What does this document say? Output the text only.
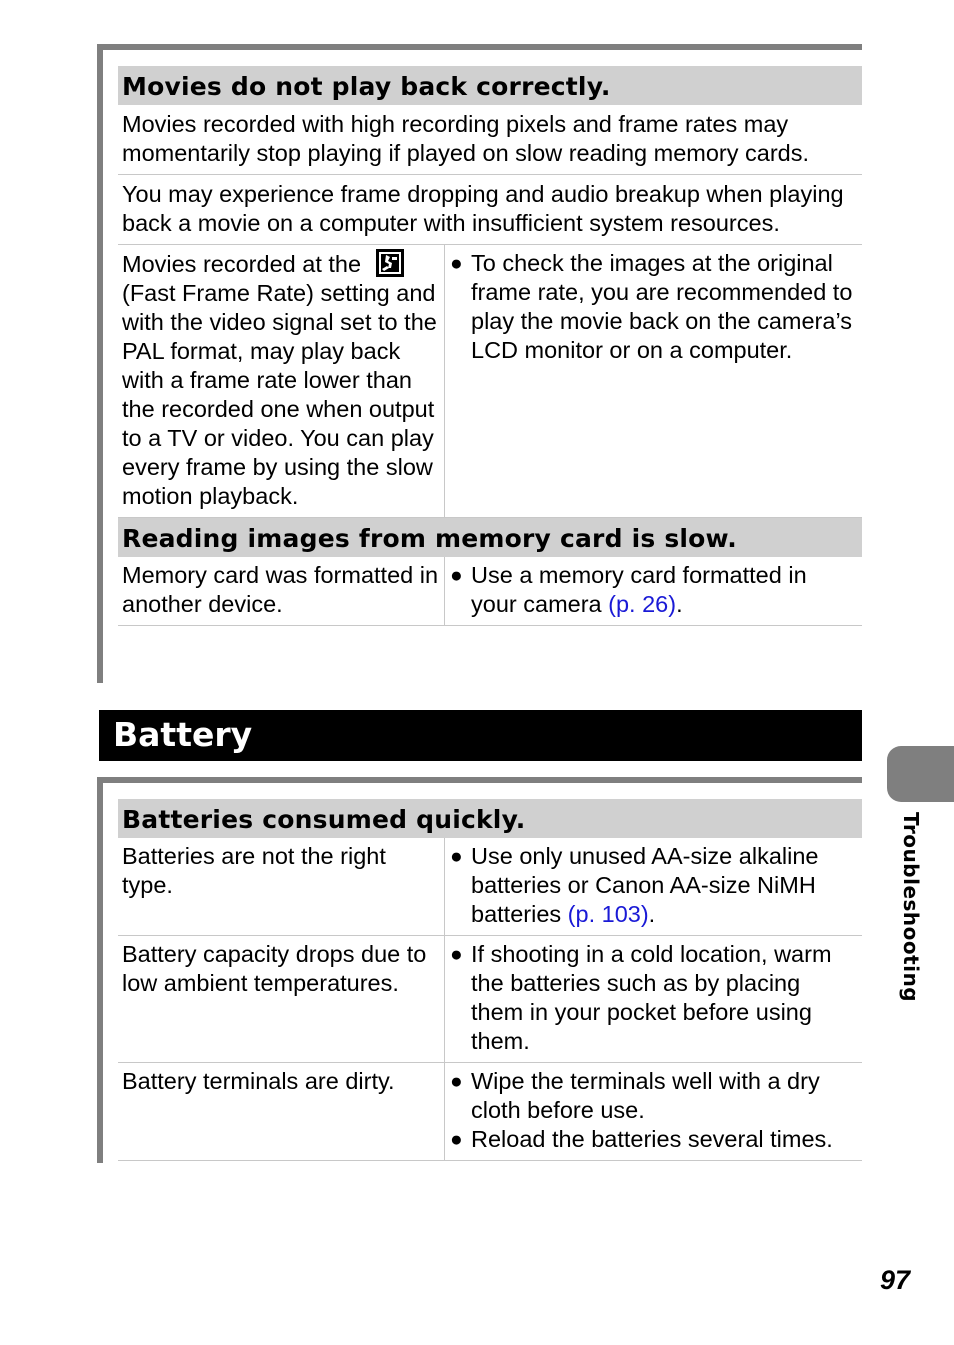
Movies do not play back correctly.
Movies recorded with high recording pixels and frame rates may momentarily stop playing if played on slow reading memory cards.
You may experience frame dropping and audio breakup when playing back a movie on a computer with insufficient system resources.
Movies recorded at the  (Fast Frame Rate) setting and with the video signal set to the PAL format, may play back with a frame rate lower than the recorded one when output to a TV or video. You can play every frame by using the slow motion playback.
● To check the images at the original frame rate, you are recommended to play the movie back on the camera’s LCD monitor or on a computer.
Reading images from memory card is slow.
Memory card was formatted in another device.
● Use a memory card formatted in your camera (p. 26).
Battery
Batteries consumed quickly.
Batteries are not the right type.
● Use only unused AA-size alkaline batteries or Canon AA-size NiMH batteries (p. 103).
Battery capacity drops due to low ambient temperatures.
● If shooting in a cold location, warm the batteries such as by placing them in your pocket before using them.
Battery terminals are dirty.	● Wipe the terminals well with a dry cloth before use.
● Reload the batteries several times.
Troubleshooting
97
